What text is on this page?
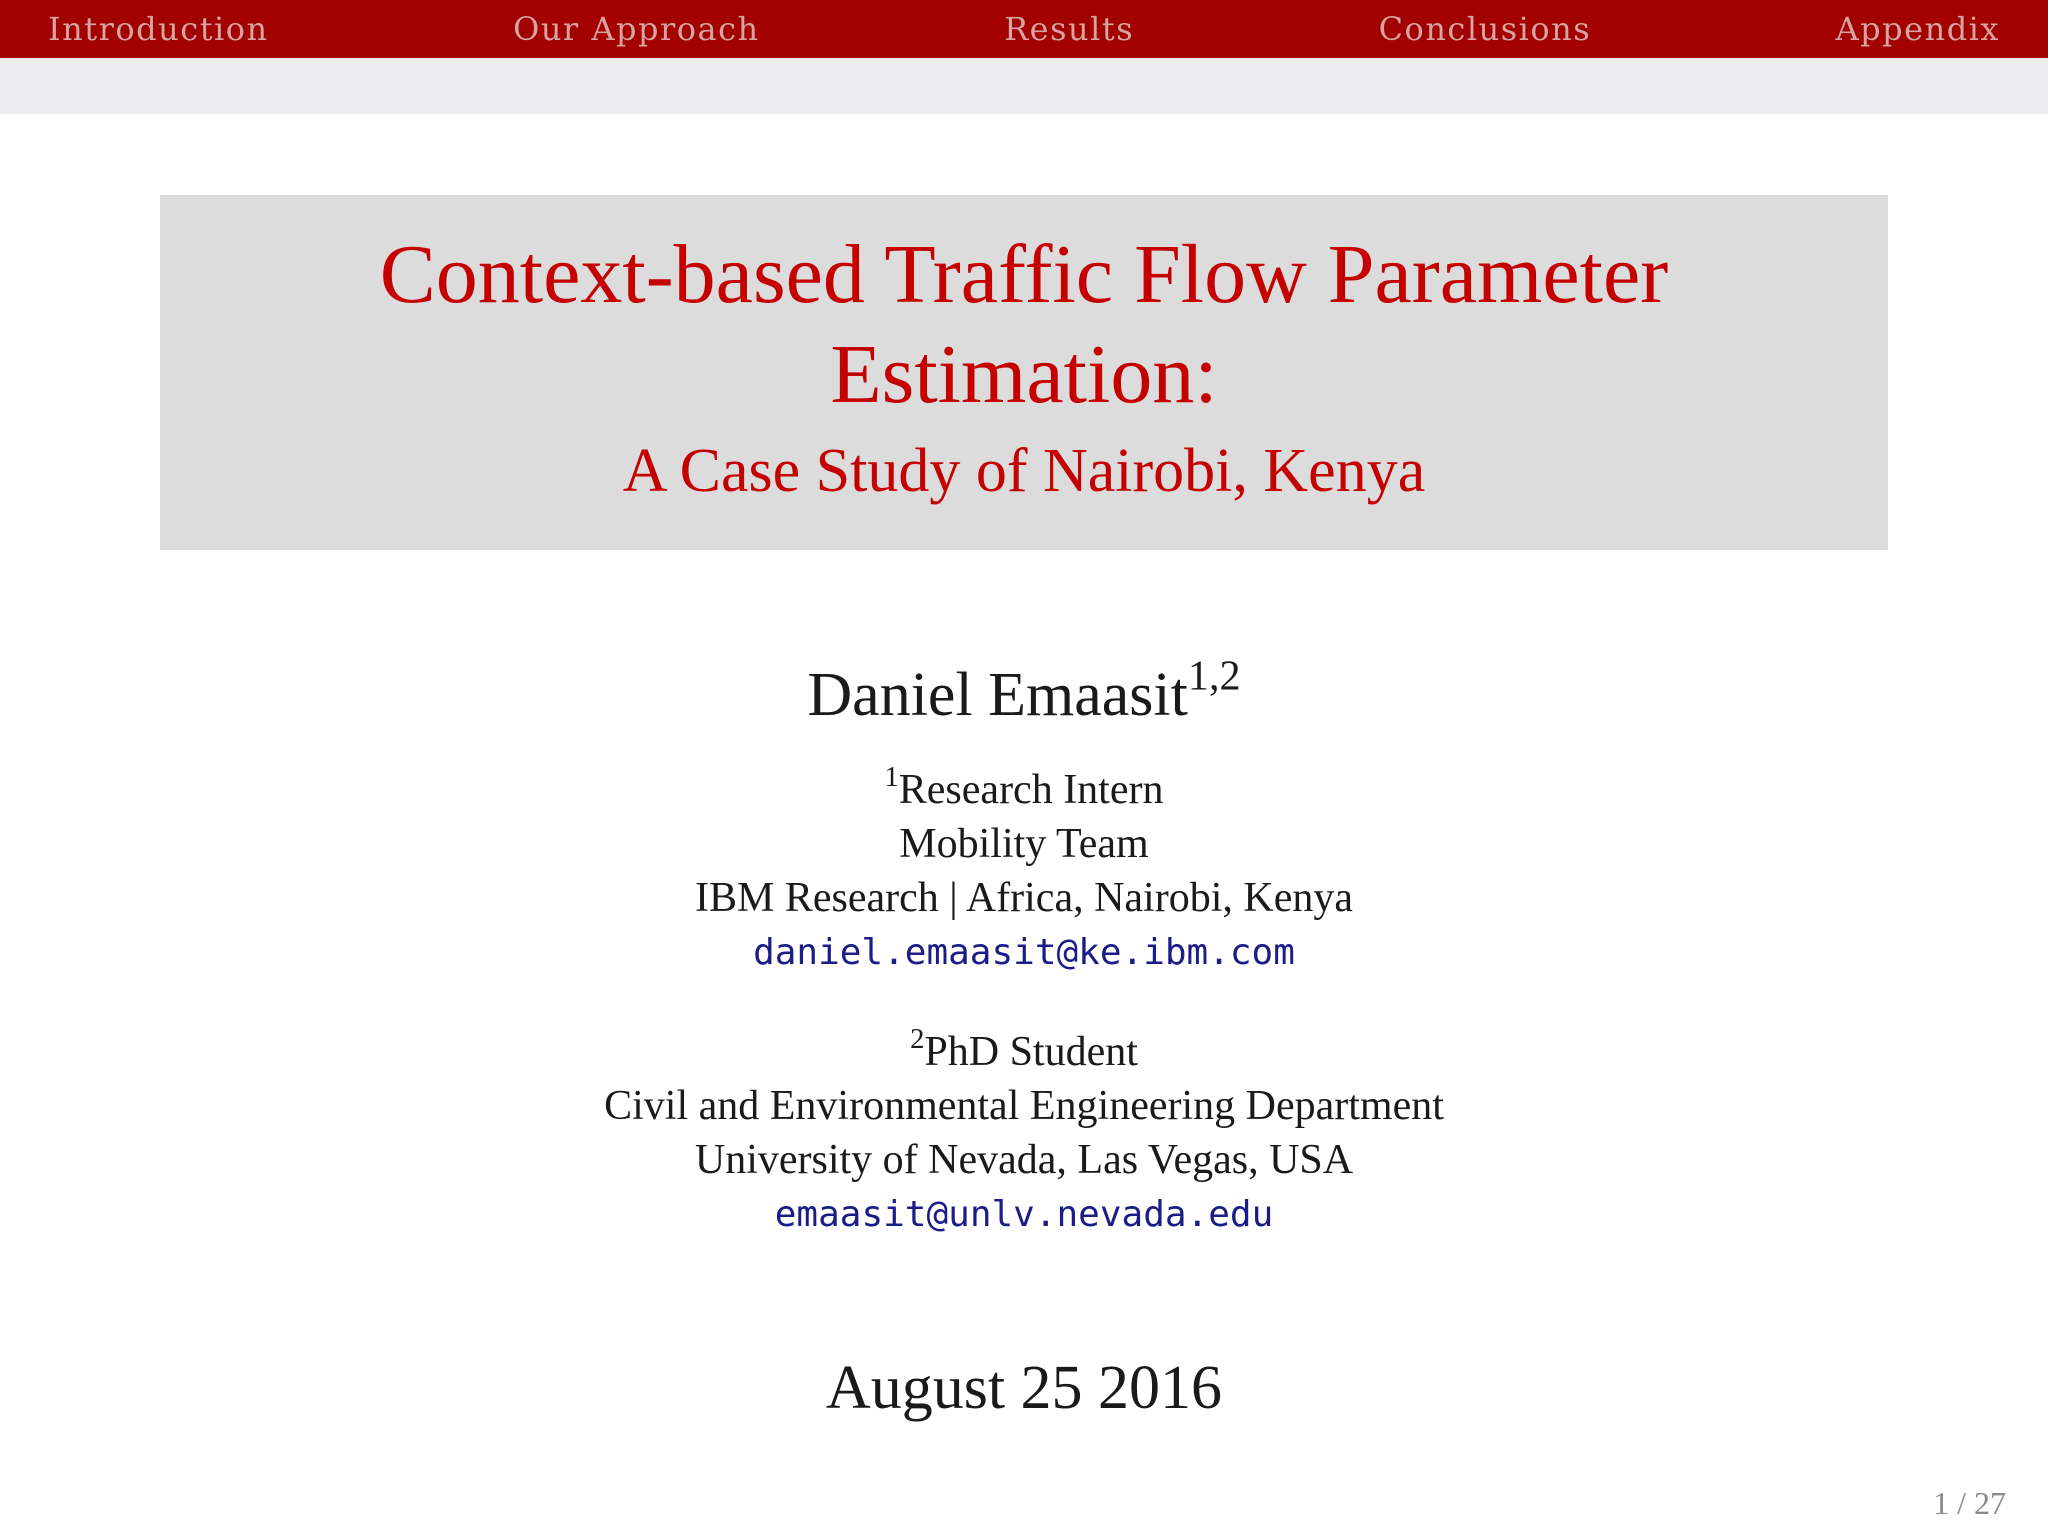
Introduction	Our Approach	Results	Conclusions	Appendix
Context-based Traffic Flow Parameter Estimation:
A Case Study of Nairobi, Kenya
Daniel Emaasit$^{1,2}$
$^1$Research Intern
Mobility Team
IBM Research | Africa, Nairobi, Kenya
daniel.emaasit@ke.ibm.com
$^2$PhD Student
Civil and Environmental Engineering Department
University of Nevada, Las Vegas, USA
emaasit@unlv.nevada.edu
August 25 2016
1 / 27
